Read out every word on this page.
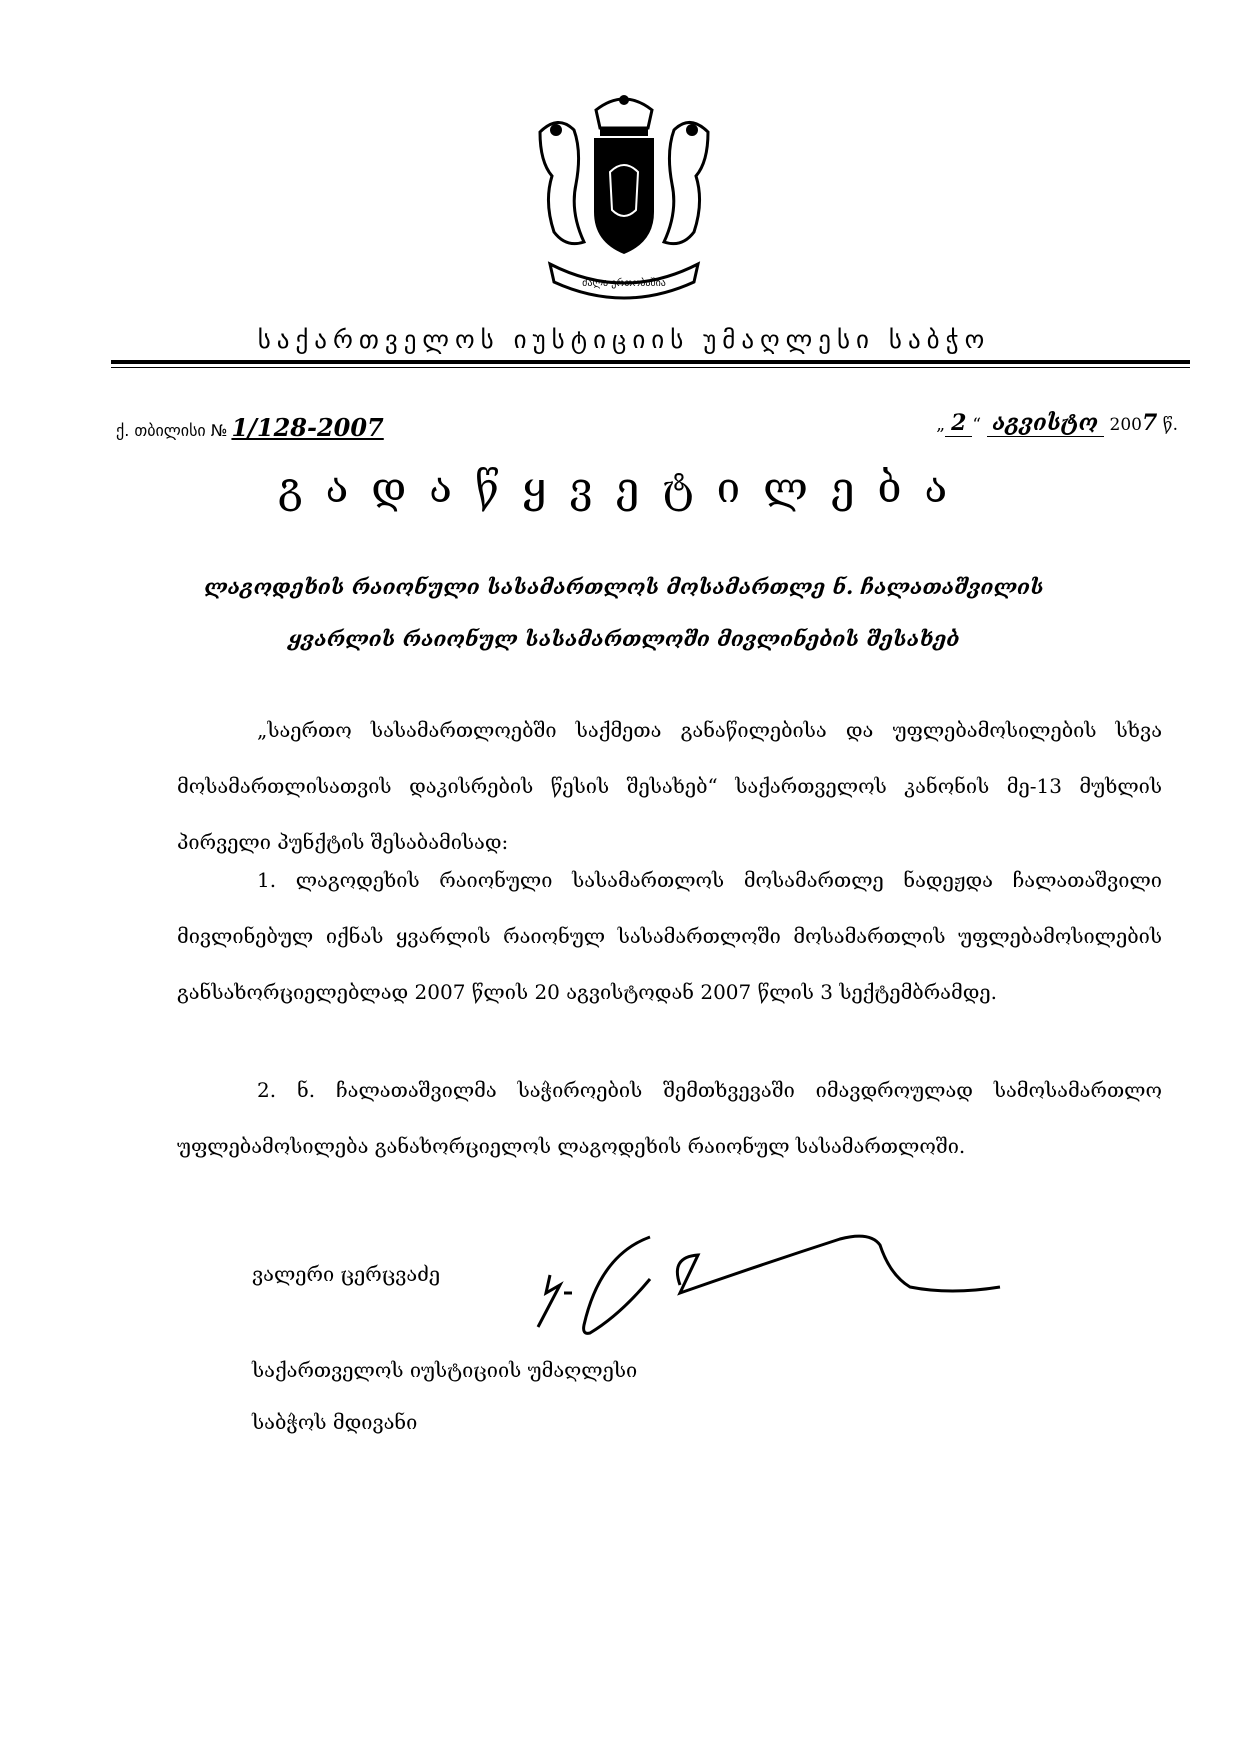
ძალა ერთობაშია
საქართველოს იუსტიციის უმაღლესი საბჭო
ქ. თბილისი № 1/128-2007	„ 2 “ აგვისტო 2007 წ.
გადაწყვეტილება
ლაგოდეხის რაიონული სასამართლოს მოსამართლე ნ. ჩალათაშვილის
ყვარლის რაიონულ სასამართლოში მივლინების შესახებ

„საერთო სასამართლოებში საქმეთა განაწილებისა და უფლებამოსილების სხვა მოსამართლისათვის დაკისრების წესის შესახებ“ საქართველოს კანონის მე-13 მუხლის პირველი პუნქტის შესაბამისად:

1. ლაგოდეხის რაიონული სასამართლოს მოსამართლე ნადეჟდა ჩალათაშვილი მივლინებულ იქნას ყვარლის რაიონულ სასამართლოში მოსამართლის უფლებამოსილების განსახორციელებლად 2007 წლის 20 აგვისტოდან 2007 წლის 3 სექტემბრამდე.

2. ნ. ჩალათაშვილმა საჭიროების შემთხვევაში იმავდროულად სამოსამართლო უფლებამოსილება განახორციელოს ლაგოდეხის რაიონულ სასამართლოში.

ვალერი ცერცვაძე
საქართველოს იუსტიციის უმაღლესი
საბჭოს მდივანი
